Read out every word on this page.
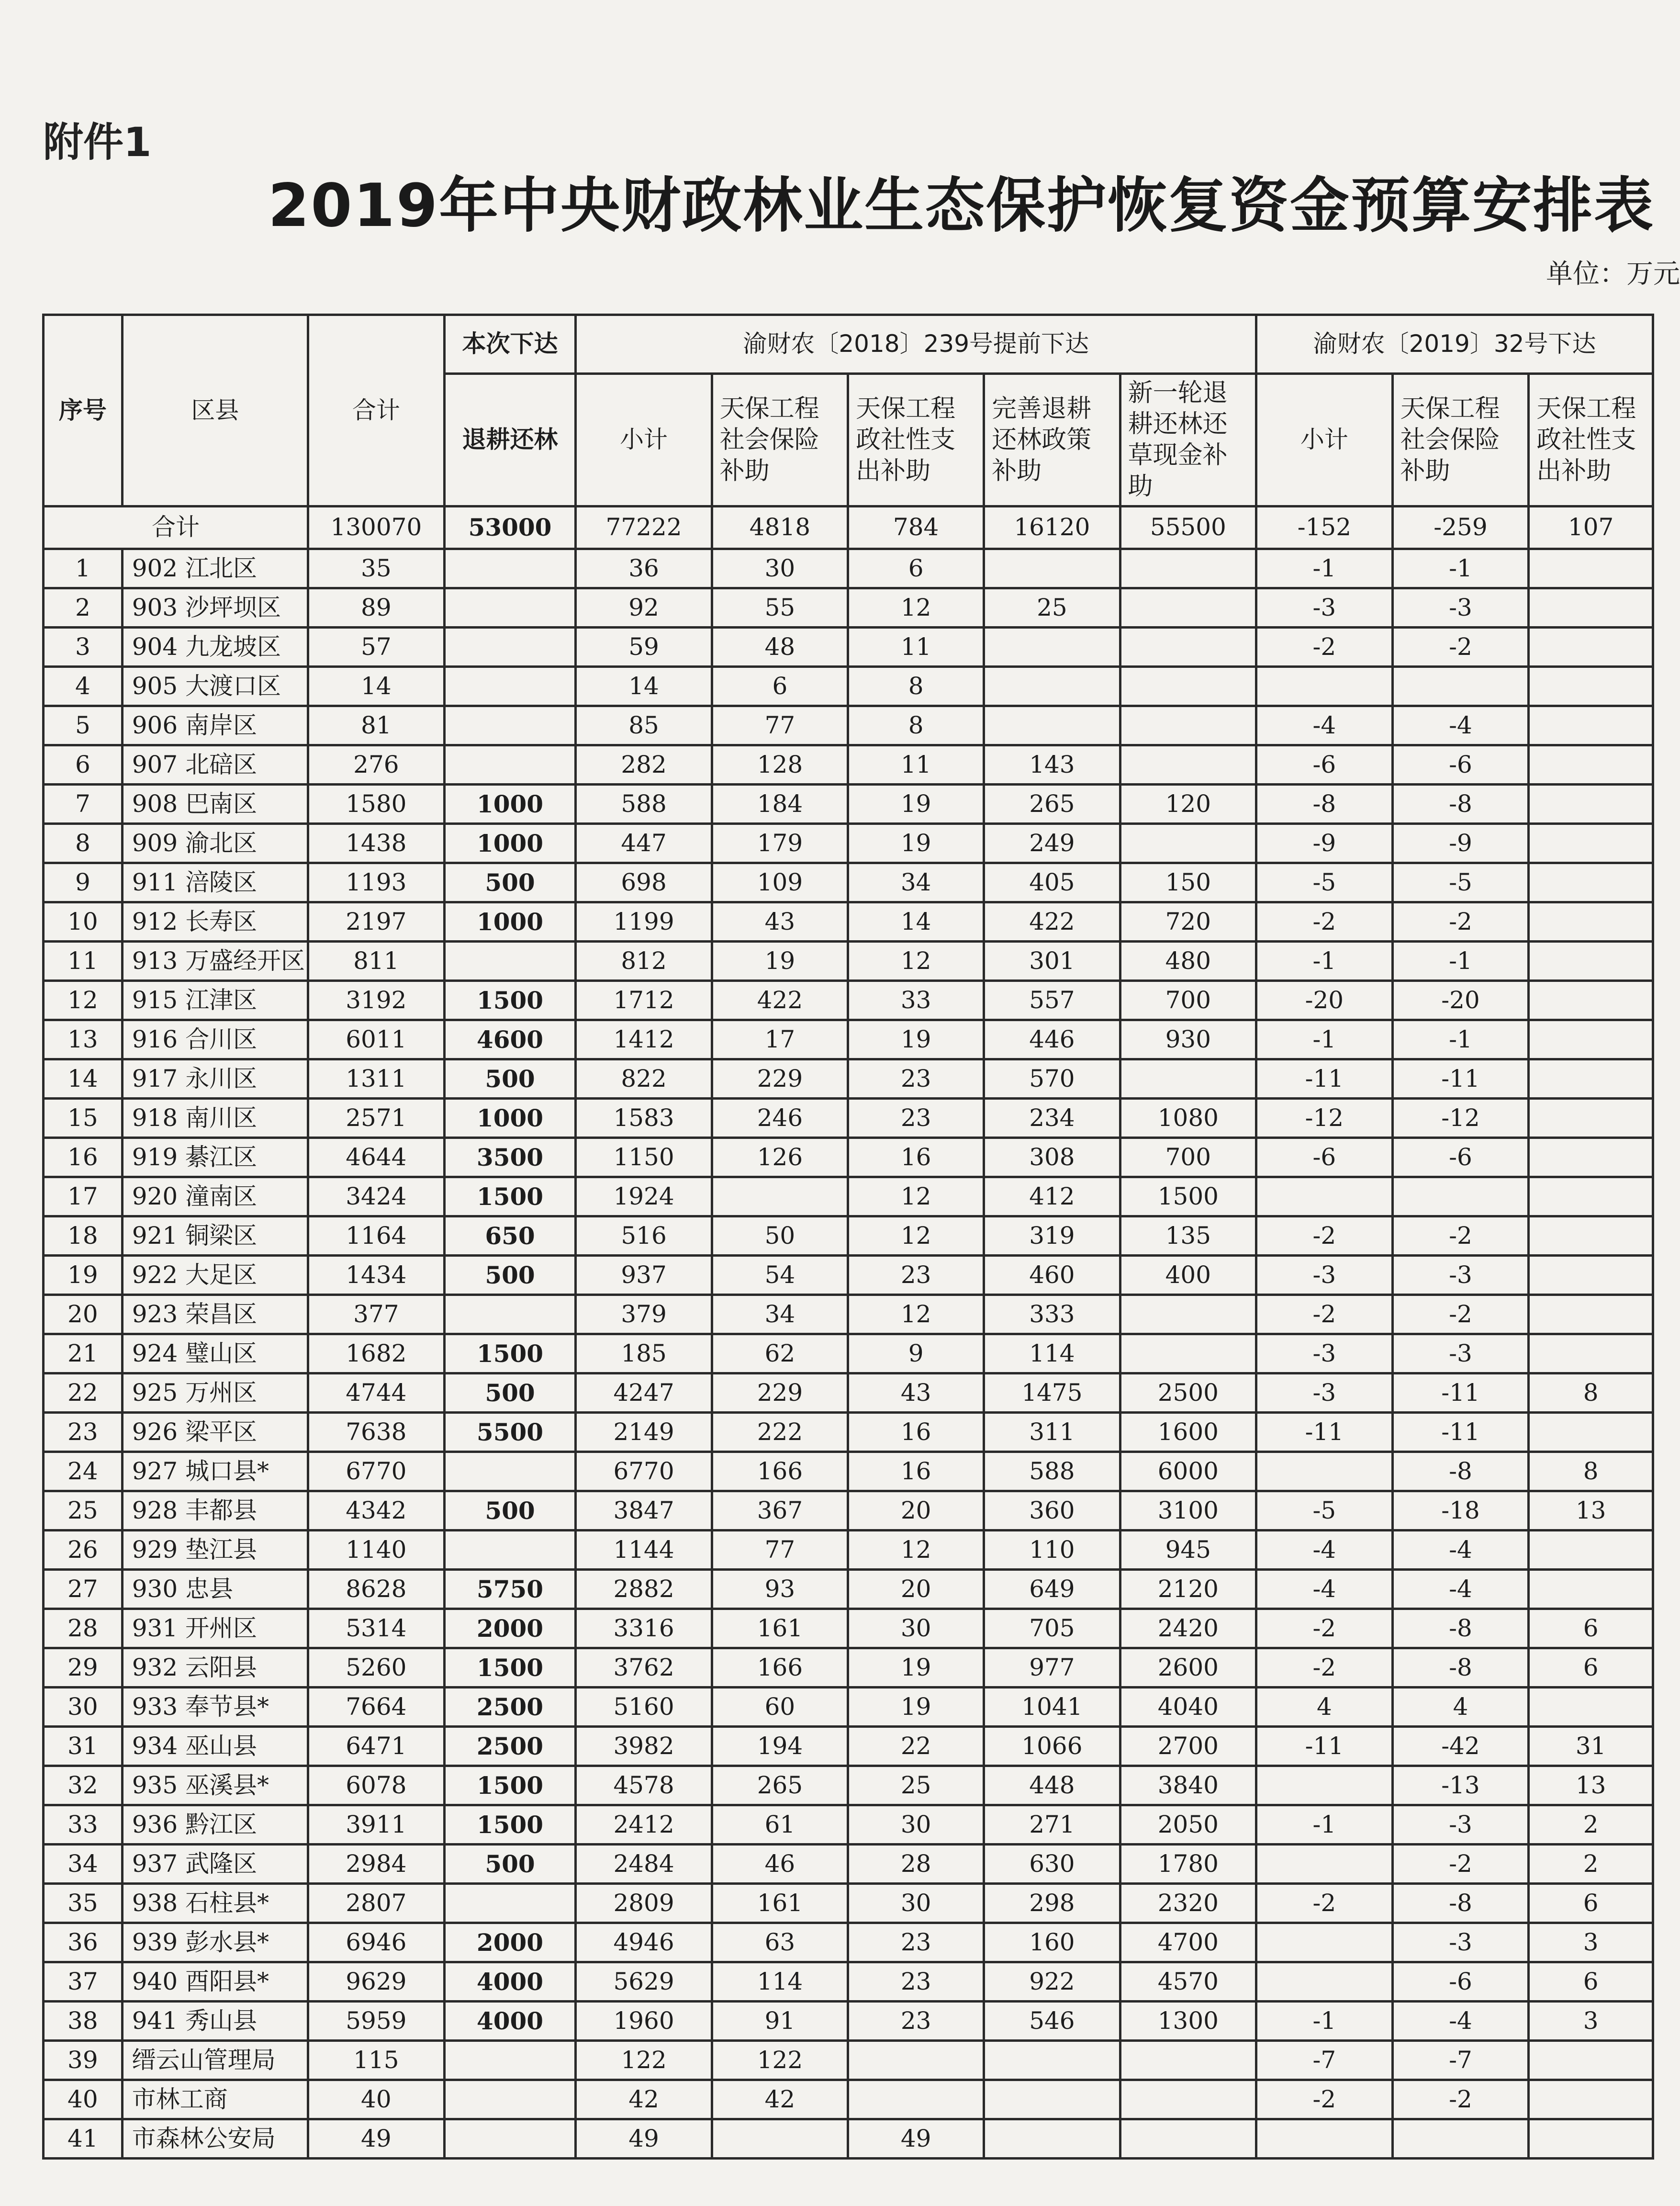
附件1
2019年中央财政林业生态保护恢复资金预算安排表
单位：万元
序号	区县	合计	本次下达	渝财农〔2018〕239号提前下达					渝财农〔2019〕32号下达		
			退耕还林	小计	天保工程社会保险补助	天保工程政社性支出补助	完善退耕还林政策补助	新一轮退耕还林还草现金补助	小计	天保工程社会保险补助	天保工程政社性支出补助
合计		130070	53000	77222	4818	784	16120	55500	-152	-259	107
1	902 江北区	35		36	30	6			-1	-1	
2	903 沙坪坝区	89		92	55	12	25		-3	-3	
3	904 九龙坡区	57		59	48	11			-2	-2	
4	905 大渡口区	14		14	6	8					
5	906 南岸区	81		85	77	8			-4	-4	
6	907 北碚区	276		282	128	11	143		-6	-6	
7	908 巴南区	1580	1000	588	184	19	265	120	-8	-8	
8	909 渝北区	1438	1000	447	179	19	249		-9	-9	
9	911 涪陵区	1193	500	698	109	34	405	150	-5	-5	
10	912 长寿区	2197	1000	1199	43	14	422	720	-2	-2	
11	913 万盛经开区	811		812	19	12	301	480	-1	-1	
12	915 江津区	3192	1500	1712	422	33	557	700	-20	-20	
13	916 合川区	6011	4600	1412	17	19	446	930	-1	-1	
14	917 永川区	1311	500	822	229	23	570		-11	-11	
15	918 南川区	2571	1000	1583	246	23	234	1080	-12	-12	
16	919 綦江区	4644	3500	1150	126	16	308	700	-6	-6	
17	920 潼南区	3424	1500	1924		12	412	1500			
18	921 铜梁区	1164	650	516	50	12	319	135	-2	-2	
19	922 大足区	1434	500	937	54	23	460	400	-3	-3	
20	923 荣昌区	377		379	34	12	333		-2	-2	
21	924 璧山区	1682	1500	185	62	9	114		-3	-3	
22	925 万州区	4744	500	4247	229	43	1475	2500	-3	-11	8
23	926 梁平区	7638	5500	2149	222	16	311	1600	-11	-11	
24	927 城口县*	6770		6770	166	16	588	6000		-8	8
25	928 丰都县	4342	500	3847	367	20	360	3100	-5	-18	13
26	929 垫江县	1140		1144	77	12	110	945	-4	-4	
27	930 忠县	8628	5750	2882	93	20	649	2120	-4	-4	
28	931 开州区	5314	2000	3316	161	30	705	2420	-2	-8	6
29	932 云阳县	5260	1500	3762	166	19	977	2600	-2	-8	6
30	933 奉节县*	7664	2500	5160	60	19	1041	4040	4	4	
31	934 巫山县	6471	2500	3982	194	22	1066	2700	-11	-42	31
32	935 巫溪县*	6078	1500	4578	265	25	448	3840		-13	13
33	936 黔江区	3911	1500	2412	61	30	271	2050	-1	-3	2
34	937 武隆区	2984	500	2484	46	28	630	1780		-2	2
35	938 石柱县*	2807		2809	161	30	298	2320	-2	-8	6
36	939 彭水县*	6946	2000	4946	63	23	160	4700		-3	3
37	940 酉阳县*	9629	4000	5629	114	23	922	4570		-6	6
38	941 秀山县	5959	4000	1960	91	23	546	1300	-1	-4	3
39	缙云山管理局	115		122	122				-7	-7	
40	市林工商	40		42	42				-2	-2	
41	市森林公安局	49		49		49					
